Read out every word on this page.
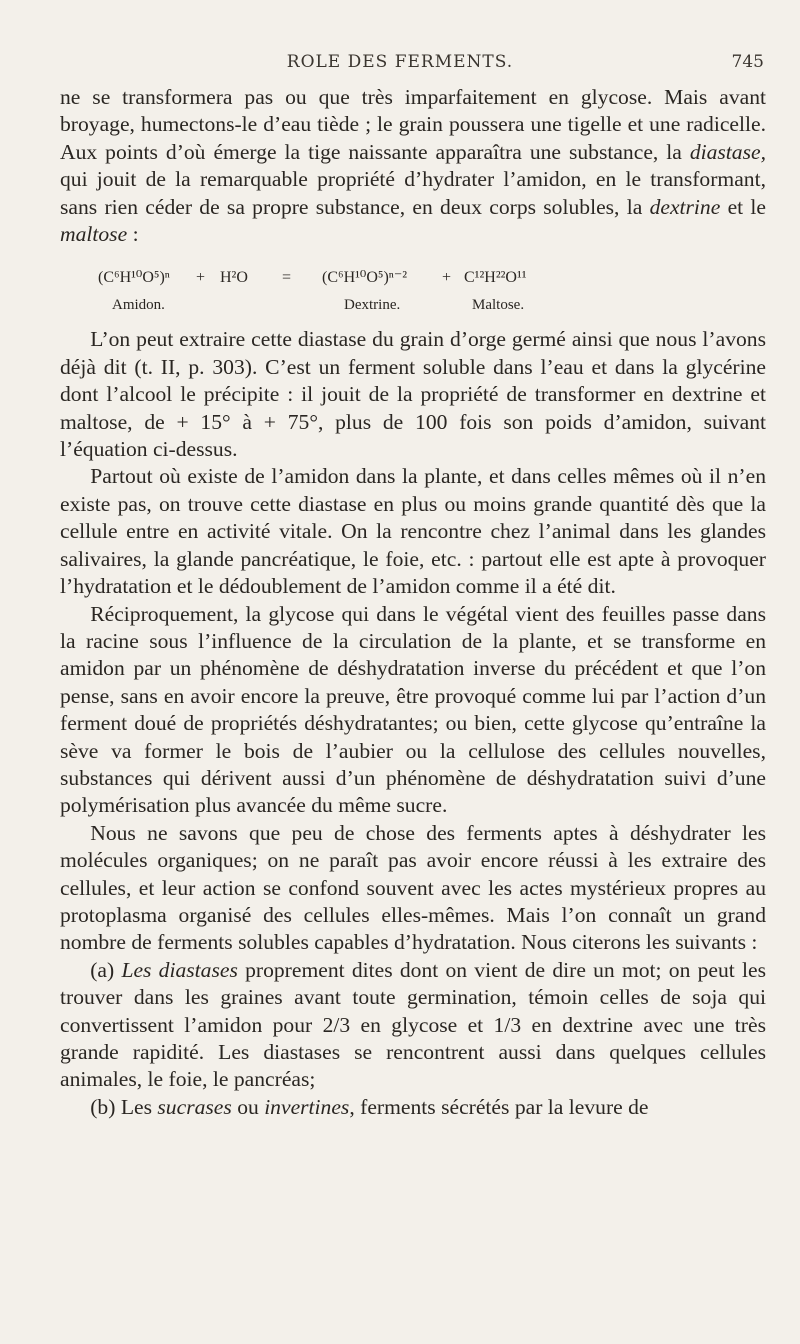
ROLE DES FERMENTS.	745

ne se transformera pas ou que très imparfaitement en glycose. Mais avant broyage, humectons-le d’eau tiède ; le grain poussera une tigelle et une radicelle. Aux points d’où émerge la tige naissante apparaîtra une substance, la diastase, qui jouit de la remarquable propriété d’hydrater l’amidon, en le transformant, sans rien céder de sa propre substance, en deux corps solubles, la dextrine et le maltose :

(C⁶H¹⁰O⁵)ⁿ + H²O = (C⁶H¹⁰O⁵)ⁿ⁻² + C¹²H²²O¹¹
Amidon.	Dextrine.	Maltose.

L’on peut extraire cette diastase du grain d’orge germé ainsi que nous l’avons déjà dit (t. II, p. 303). C’est un ferment soluble dans l’eau et dans la glycérine dont l’alcool le précipite : il jouit de la propriété de transformer en dextrine et maltose, de + 15° à + 75°, plus de 100 fois son poids d’amidon, suivant l’équation ci-dessus.

Partout où existe de l’amidon dans la plante, et dans celles mêmes où il n’en existe pas, on trouve cette diastase en plus ou moins grande quantité dès que la cellule entre en activité vitale. On la rencontre chez l’animal dans les glandes salivaires, la glande pancréatique, le foie, etc. : partout elle est apte à provoquer l’hydratation et le dédoublement de l’amidon comme il a été dit.

Réciproquement, la glycose qui dans le végétal vient des feuilles passe dans la racine sous l’influence de la circulation de la plante, et se transforme en amidon par un phénomène de déshydratation inverse du précédent et que l’on pense, sans en avoir encore la preuve, être provoqué comme lui par l’action d’un ferment doué de propriétés déshydratantes; ou bien, cette glycose qu’entraîne la sève va former le bois de l’aubier ou la cellulose des cellules nouvelles, substances qui dérivent aussi d’un phénomène de déshydratation suivi d’une polymérisation plus avancée du même sucre.

Nous ne savons que peu de chose des ferments aptes à déshydrater les molécules organiques; on ne paraît pas avoir encore réussi à les extraire des cellules, et leur action se confond souvent avec les actes mystérieux propres au protoplasma organisé des cellules elles-mêmes. Mais l’on connaît un grand nombre de ferments solubles capables d’hydratation. Nous citerons les suivants :

(a) Les diastases proprement dites dont on vient de dire un mot; on peut les trouver dans les graines avant toute germination, témoin celles de soja qui convertissent l’amidon pour 2/3 en glycose et 1/3 en dextrine avec une très grande rapidité. Les diastases se rencontrent aussi dans quelques cellules animales, le foie, le pancréas;

(b) Les sucrases ou invertines, ferments sécrétés par la levure de
